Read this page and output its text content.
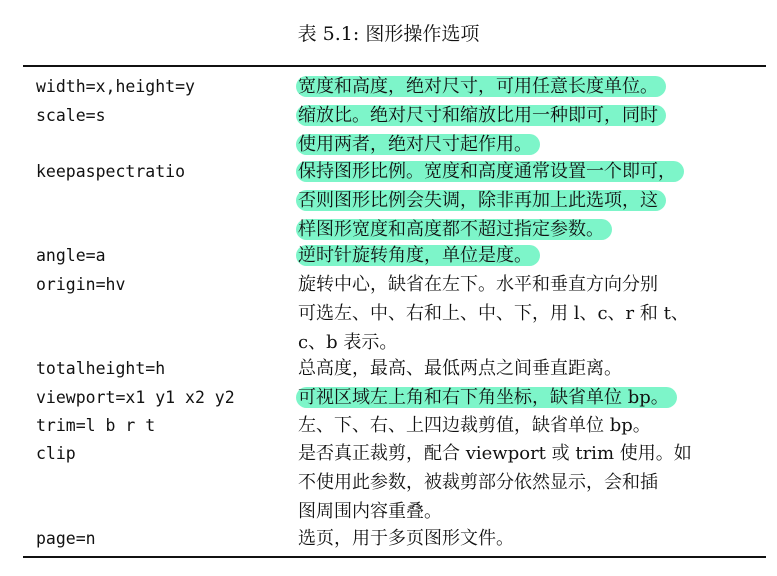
表 5.1: 图形操作选项
width=x,height=y	宽度和高度，绝对尺寸，可用任意长度单位。
scale=s	缩放比。绝对尺寸和缩放比用一种即可，同时
使用两者，绝对尺寸起作用。
keepaspectratio	保持图形比例。宽度和高度通常设置一个即可，
否则图形比例会失调，除非再加上此选项，这
样图形宽度和高度都不超过指定参数。
angle=a	逆时针旋转角度，单位是度。
origin=hv	旋转中心，缺省在左下。水平和垂直方向分别
可选左、中、右和上、中、下，用 l、c、r 和 t、
c、b 表示。
totalheight=h	总高度，最高、最低两点之间垂直距离。
viewport=x1 y1 x2 y2	可视区域左上角和右下角坐标，缺省单位 bp。
trim=l b r t	左、下、右、上四边裁剪值，缺省单位 bp。
clip	是否真正裁剪，配合 viewport 或 trim 使用。如
不使用此参数，被裁剪部分依然显示，会和插
图周围内容重叠。
page=n	选页，用于多页图形文件。
